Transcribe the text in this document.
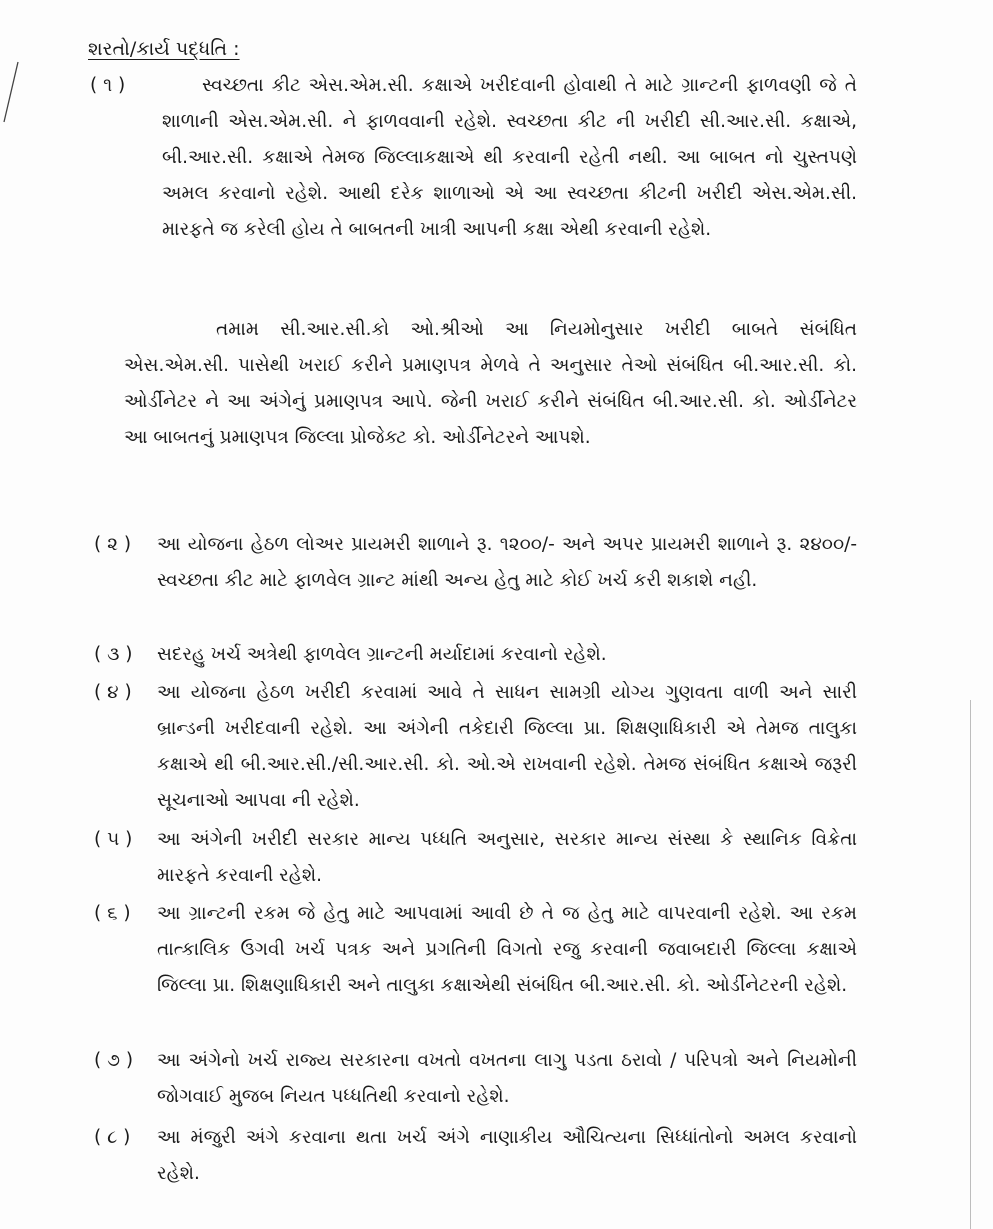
શરતો/કાર્ય પદ્ધતિ :
( ૧ )	સ્વચ્છતા કીટ એસ.એમ.સી. કક્ષાએ ખરીદવાની હોવાથી તે માટે ગ્રાન્ટની ફાળવણી જે તે શાળાની એસ.એમ.સી. ને ફાળવવાની રહેશે. સ્વચ્છતા કીટ ની ખરીદી સી.આર.સી. કક્ષાએ, બી.આર.સી. કક્ષાએ તેમજ જિલ્લાકક્ષાએ થી કરવાની રહેતી નથી. આ બાબત નો ચુસ્તપણે અમલ કરવાનો રહેશે. આથી દરેક શાળાઓ એ આ સ્વચ્છતા કીટની ખરીદી એસ.એમ.સી. મારફતે જ કરેલી હોય તે બાબતની ખાત્રી આપની કક્ષા એથી કરવાની રહેશે.
તમામ સી.આર.સી.કો ઓ.શ્રીઓ આ નિયમોનુસાર ખરીદી બાબતે સંબંધિત એસ.એમ.સી. પાસેથી ખરાઈ કરીને પ્રમાણપત્ર મેળવે તે અનુસાર તેઓ સંબંધિત બી.આર.સી. કો. ઓર્ડીનેટર ને આ અંગેનું પ્રમાણપત્ર આપે. જેની ખરાઈ કરીને સંબંધિત બી.આર.સી. કો. ઓર્ડીનેટર આ બાબતનું પ્રમાણપત્ર જિલ્લા પ્રોજેક્ટ કો. ઓર્ડીનેટરને આપશે.
( ૨ ) આ યોજના હેઠળ લોઅર પ્રાયમરી શાળાને રૂ. ૧૨૦૦/- અને અપર પ્રાયમરી શાળાને રૂ. ૨૪૦૦/- સ્વચ્છતા કીટ માટે ફાળવેલ ગ્રાન્ટ માંથી અન્ય હેતુ માટે કોઈ ખર્ચ કરી શકાશે નહી.
( ૩ ) સદરહુ ખર્ચ અત્રેથી ફાળવેલ ગ્રાન્ટની મર્યાદામાં કરવાનો રહેશે.
( ૪ ) આ યોજના હેઠળ ખરીદી કરવામાં આવે તે સાધન સામગ્રી યોગ્ય ગુણવતા વાળી અને સારી બ્રાન્ડની ખરીદવાની રહેશે. આ અંગેની તકેદારી જિલ્લા પ્રા. શિક્ષણાધિકારી એ તેમજ તાલુકા કક્ષાએ થી બી.આર.સી./સી.આર.સી. કો. ઓ.એ રાખવાની રહેશે. તેમજ સંબંધિત કક્ષાએ જરૂરી સૂચનાઓ આપવા ની રહેશે.
( ૫ ) આ અંગેની ખરીદી સરકાર માન્ય પધ્ધતિ અનુસાર, સરકાર માન્ય સંસ્થા કે સ્થાનિક વિક્રેતા મારફતે કરવાની રહેશે.
( ૬ ) આ ગ્રાન્ટની રકમ જે હેતુ માટે આપવામાં આવી છે તે જ હેતુ માટે વાપરવાની રહેશે. આ રકમ તાત્કાલિક ઉગવી ખર્ચ પત્રક અને પ્રગતિની વિગતો રજુ કરવાની જવાબદારી જિલ્લા કક્ષાએ જિલ્લા પ્રા. શિક્ષણાધિકારી અને તાલુકા કક્ષાએથી સંબંધિત બી.આર.સી. કો. ઓર્ડીનેટરની રહેશે.
( ૭ ) આ અંગેનો ખર્ચ રાજ્ય સરકારના વખતો વખતના લાગુ પડતા ઠરાવો / પરિપત્રો અને નિયમોની જોગવાઈ મુજબ નિયત પધ્ધતિથી કરવાનો રહેશે.
( ૮ ) આ મંજુરી અંગે કરવાના થતા ખર્ચ અંગે નાણાકીય ઔચિત્યના સિધ્ધાંતોનો અમલ કરવાનો રહેશે.
